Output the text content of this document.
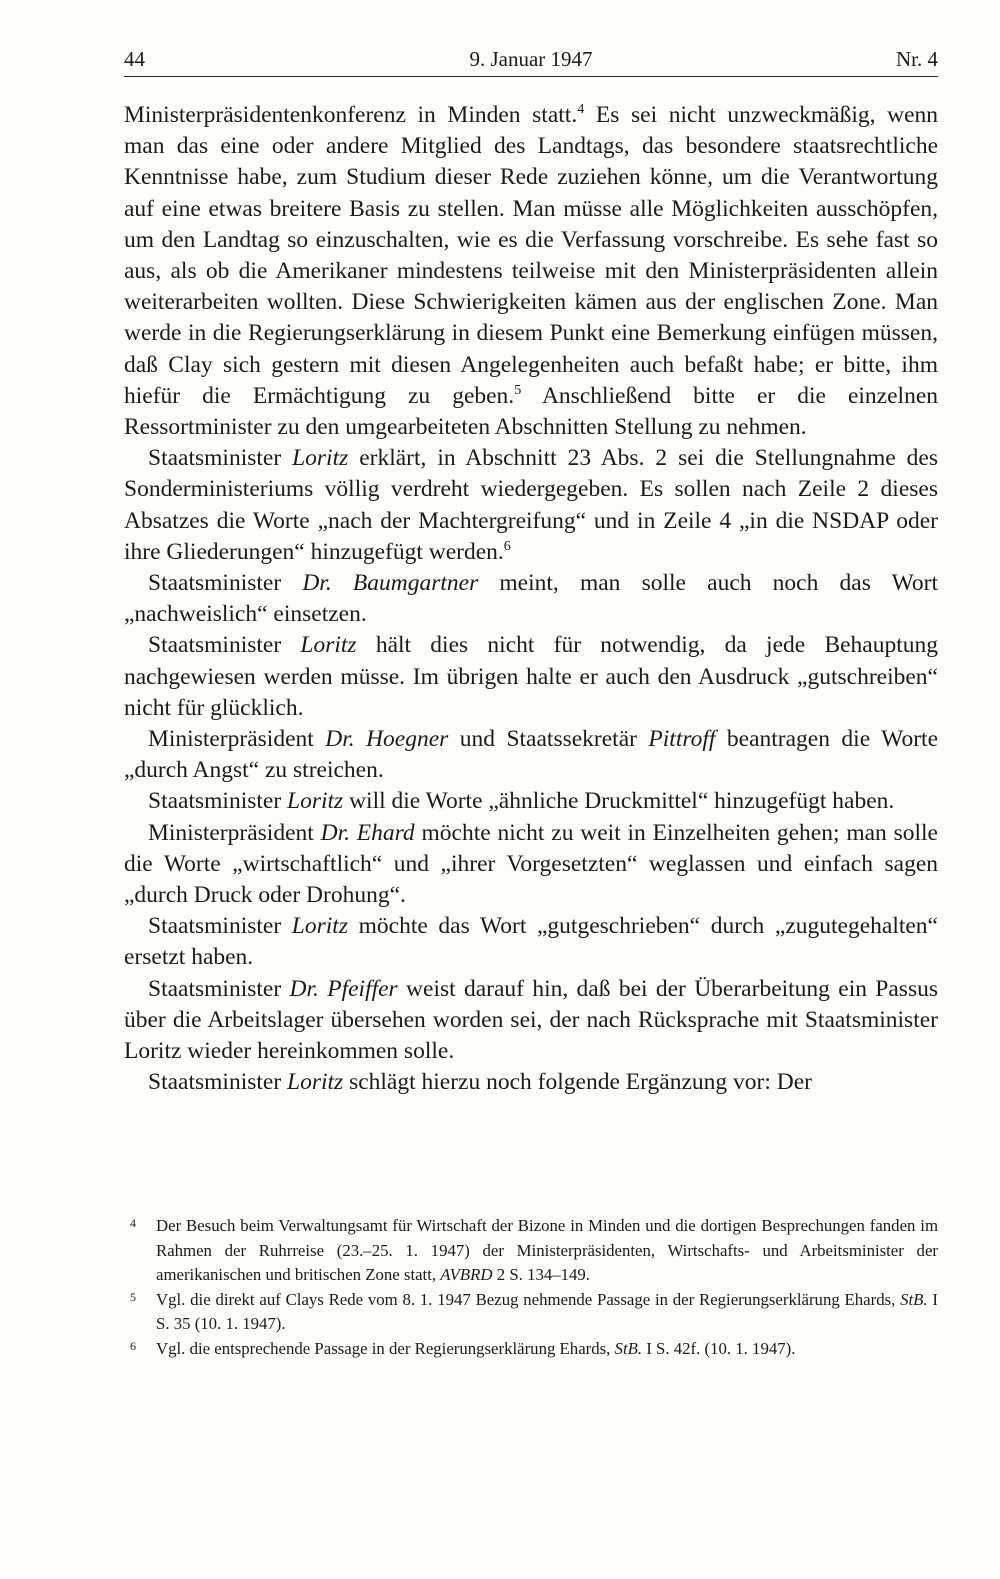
44	9. Januar 1947	Nr. 4

Ministerpräsidentenkonferenz in Minden statt.$^4$ Es sei nicht unzweckmäßig, wenn man das eine oder andere Mitglied des Landtags, das besondere staatsrechtliche Kenntnisse habe, zum Studium dieser Rede zuziehen könne, um die Verantwortung auf eine etwas breitere Basis zu stellen. Man müsse alle Möglichkeiten ausschöpfen, um den Landtag so einzuschalten, wie es die Verfassung vorschreibe. Es sehe fast so aus, als ob die Amerikaner mindestens teilweise mit den Ministerpräsidenten allein weiterarbeiten wollten. Diese Schwierigkeiten kämen aus der englischen Zone. Man werde in die Regierungserklärung in diesem Punkt eine Bemerkung einfügen müssen, daß Clay sich gestern mit diesen Angelegenheiten auch befaßt habe; er bitte, ihm hiefür die Ermächtigung zu geben.$^5$ Anschließend bitte er die einzelnen Ressortminister zu den umgearbeiteten Abschnitten Stellung zu nehmen.

Staatsminister Loritz erklärt, in Abschnitt 23 Abs. 2 sei die Stellungnahme des Sonderministeriums völlig verdreht wiedergegeben. Es sollen nach Zeile 2 dieses Absatzes die Worte „nach der Machtergreifung“ und in Zeile 4 „in die NSDAP oder ihre Gliederungen“ hinzugefügt werden.$^6$

Staatsminister Dr. Baumgartner meint, man solle auch noch das Wort „nachweislich“ einsetzen.

Staatsminister Loritz hält dies nicht für notwendig, da jede Behauptung nachgewiesen werden müsse. Im übrigen halte er auch den Ausdruck „gutschreiben“ nicht für glücklich.

Ministerpräsident Dr. Hoegner und Staatssekretär Pittroff beantragen die Worte „durch Angst“ zu streichen.

Staatsminister Loritz will die Worte „ähnliche Druckmittel“ hinzugefügt haben.

Ministerpräsident Dr. Ehard möchte nicht zu weit in Einzelheiten gehen; man solle die Worte „wirtschaftlich“ und „ihrer Vorgesetzten“ weglassen und einfach sagen „durch Druck oder Drohung“.

Staatsminister Loritz möchte das Wort „gutgeschrieben“ durch „zugutegehalten“ ersetzt haben.

Staatsminister Dr. Pfeiffer weist darauf hin, daß bei der Überarbeitung ein Passus über die Arbeitslager übersehen worden sei, der nach Rücksprache mit Staatsminister Loritz wieder hereinkommen solle.

Staatsminister Loritz schlägt hierzu noch folgende Ergänzung vor: Der

4 Der Besuch beim Verwaltungsamt für Wirtschaft der Bizone in Minden und die dortigen Besprechungen fanden im Rahmen der Ruhrreise (23.–25. 1. 1947) der Ministerpräsidenten, Wirtschafts- und Arbeitsminister der amerikanischen und britischen Zone statt, AVBRD 2 S. 134–149.
5 Vgl. die direkt auf Clays Rede vom 8. 1. 1947 Bezug nehmende Passage in der Regierungserklärung Ehards, StB. I S. 35 (10. 1. 1947).
6 Vgl. die entsprechende Passage in der Regierungserklärung Ehards, StB. I S. 42f. (10. 1. 1947).
